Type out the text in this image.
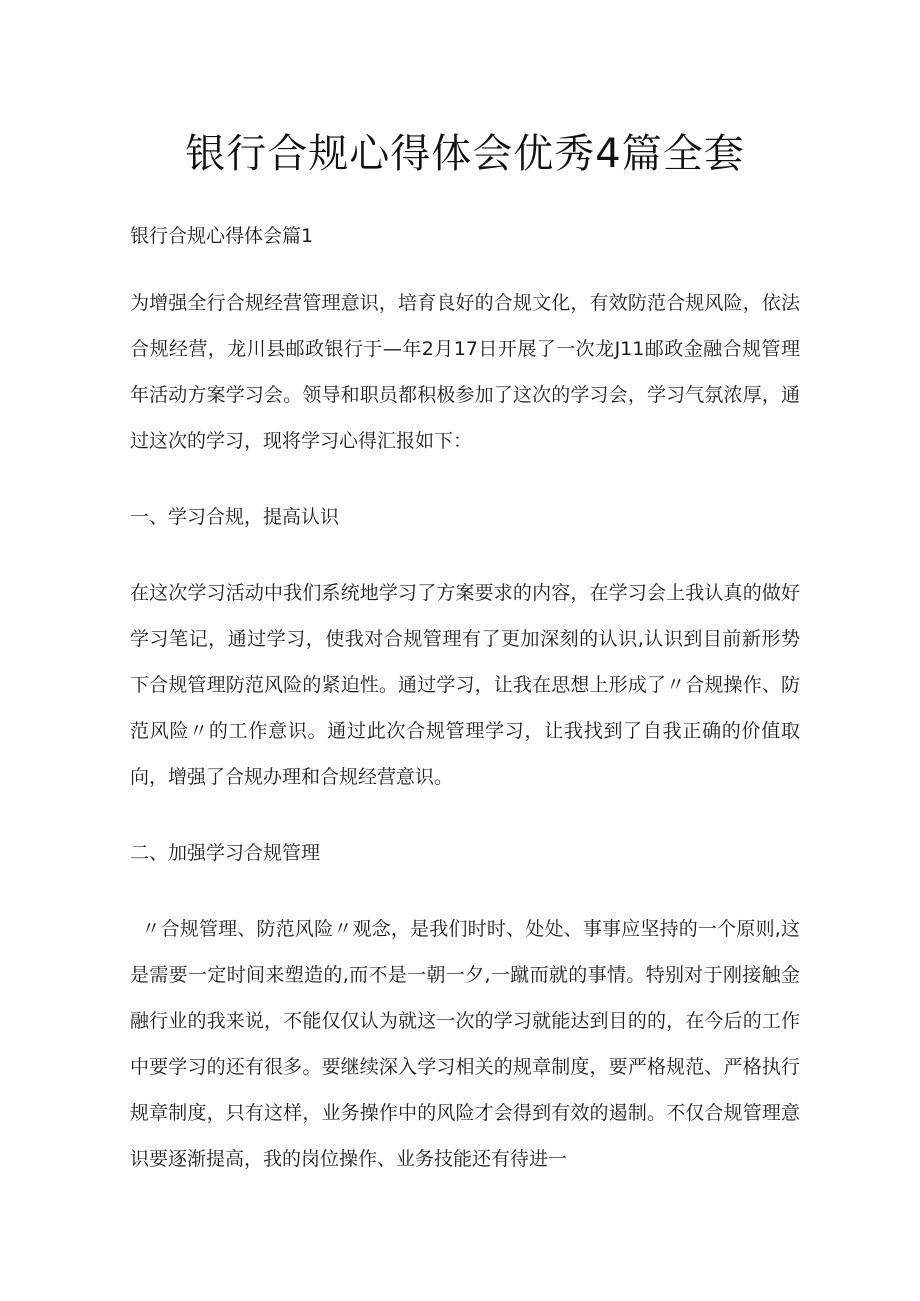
银行合规心得体会优秀4篇全套

银行合规心得体会篇1

为增强全行合规经营管理意识，培育良好的合规文化，有效防范合规风险，依法合规经营，龙川县邮政银行于—年2月17日开展了一次龙J11邮政金融合规管理年活动方案学习会。领导和职员都积极参加了这次的学习会，学习气氛浓厚，通过这次的学习，现将学习心得汇报如下：

一、学习合规，提高认识

在这次学习活动中我们系统地学习了方案要求的内容，在学习会上我认真的做好学习笔记，通过学习，使我对合规管理有了更加深刻的认识,认识到目前新形势下合规管理防范风险的紧迫性。通过学习，让我在思想上形成了〃合规操作、防范风险〃的工作意识。通过此次合规管理学习，让我找到了自我正确的价值取向，增强了合规办理和合规经营意识。

二、加强学习合规管理

〃合规管理、防范风险〃观念，是我们时时、处处、事事应坚持的一个原则,这是需要一定时间来塑造的,而不是一朝一夕,一蹴而就的事情。特别对于刚接触金融行业的我来说，不能仅仅认为就这一次的学习就能达到目的的，在今后的工作中要学习的还有很多。要继续深入学习相关的规章制度，要严格规范、严格执行规章制度，只有这样，业务操作中的风险才会得到有效的遏制。不仅合规管理意识要逐渐提高，我的岗位操作、业务技能还有待进一
